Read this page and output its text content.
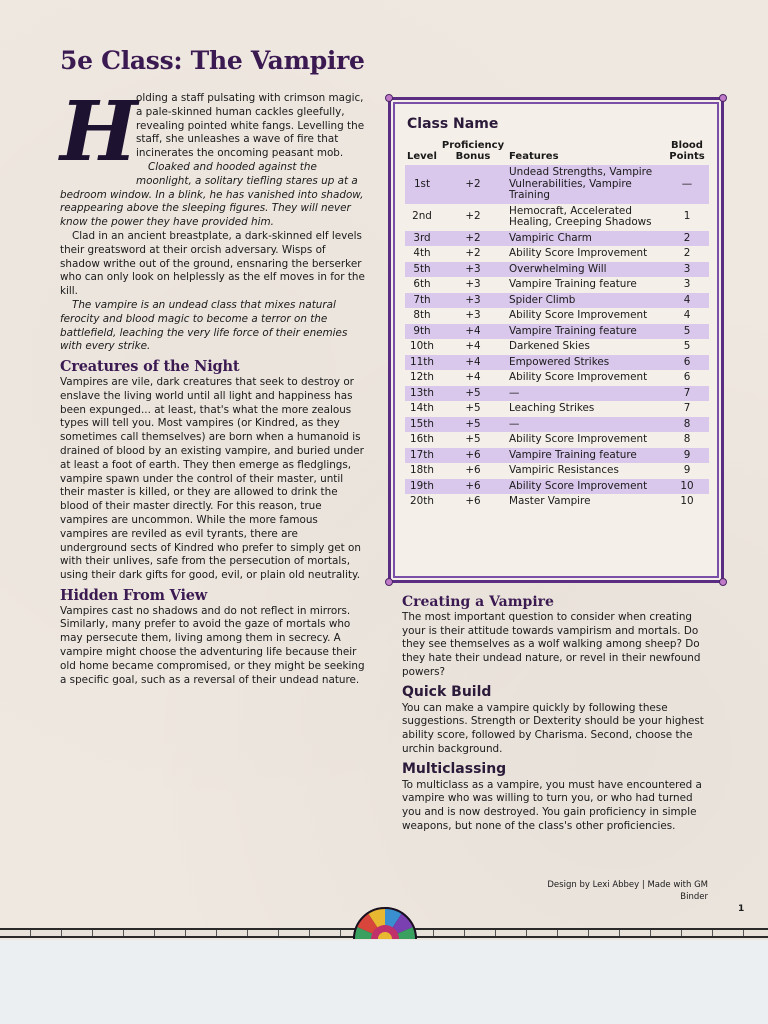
5e Class: The Vampire
H

olding a staff pulsating with crimson magic, a pale-skinned human cackles gleefully, revealing pointed white fangs. Levelling the staff, she unleashes a wave of fire that incinerates the oncoming peasant mob.

Cloaked and hooded against the moonlight, a solitary tiefling stares up at a bedroom window. In a blink, he has vanished into shadow, reappearing above the sleeping figures. They will never know the power they have provided him.

Clad in an ancient breastplate, a dark-skinned elf levels their greatsword at their orcish adversary. Wisps of shadow writhe out of the ground, ensnaring the berserker who can only look on helplessly as the elf moves in for the kill.

The vampire is an undead class that mixes natural ferocity and blood magic to become a terror on the battlefield, leaching the very life force of their enemies with every strike.

Creatures of the Night

Vampires are vile, dark creatures that seek to destroy or enslave the living world until all light and happiness has been expunged... at least, that's what the more zealous types will tell you. Most vampires (or Kindred, as they sometimes call themselves) are born when a humanoid is drained of blood by an existing vampire, and buried under at least a foot of earth. They then emerge as fledglings, vampire spawn under the control of their master, until their master is killed, or they are allowed to drink the blood of their master directly. For this reason, true vampires are uncommon. While the more famous vampires are reviled as evil tyrants, there are underground sects of Kindred who prefer to simply get on with their unlives, safe from the persecution of mortals, using their dark gifts for good, evil, or plain old neutrality.

Hidden From View

Vampires cast no shadows and do not reflect in mirrors. Similarly, many prefer to avoid the gaze of mortals who may persecute them, living among them in secrecy. A vampire might choose the adventuring life because their old home became compromised, or they might be seeking a specific goal, such as a reversal of their undead nature.

Class Name
Level	Proficiency Bonus	Features	Blood Points
1st	+2	Undead Strengths, Vampire Vulnerabilities, Vampire Training	—
2nd	+2	Hemocraft, Accelerated Healing, Creeping Shadows	1
3rd	+2	Vampiric Charm	2
4th	+2	Ability Score Improvement	2
5th	+3	Overwhelming Will	3
6th	+3	Vampire Training feature	3
7th	+3	Spider Climb	4
8th	+3	Ability Score Improvement	4
9th	+4	Vampire Training feature	5
10th	+4	Darkened Skies	5
11th	+4	Empowered Strikes	6
12th	+4	Ability Score Improvement	6
13th	+5	—	7
14th	+5	Leaching Strikes	7
15th	+5	—	8
16th	+5	Ability Score Improvement	8
17th	+6	Vampire Training feature	9
18th	+6	Vampiric Resistances	9
19th	+6	Ability Score Improvement	10
20th	+6	Master Vampire	10
Creating a Vampire

The most important question to consider when creating your is their attitude towards vampirism and mortals. Do they see themselves as a wolf walking among sheep? Do they hate their undead nature, or revel in their newfound powers?

Quick Build

You can make a vampire quickly by following these suggestions. Strength or Dexterity should be your highest ability score, followed by Charisma. Second, choose the urchin background.

Multiclassing

To multiclass as a vampire, you must have encountered a vampire who was willing to turn you, or who had turned you and is now destroyed. You gain proficiency in simple weapons, but none of the class's other proficiencies.

Design by Lexi Abbey | Made with GM Binder
1
